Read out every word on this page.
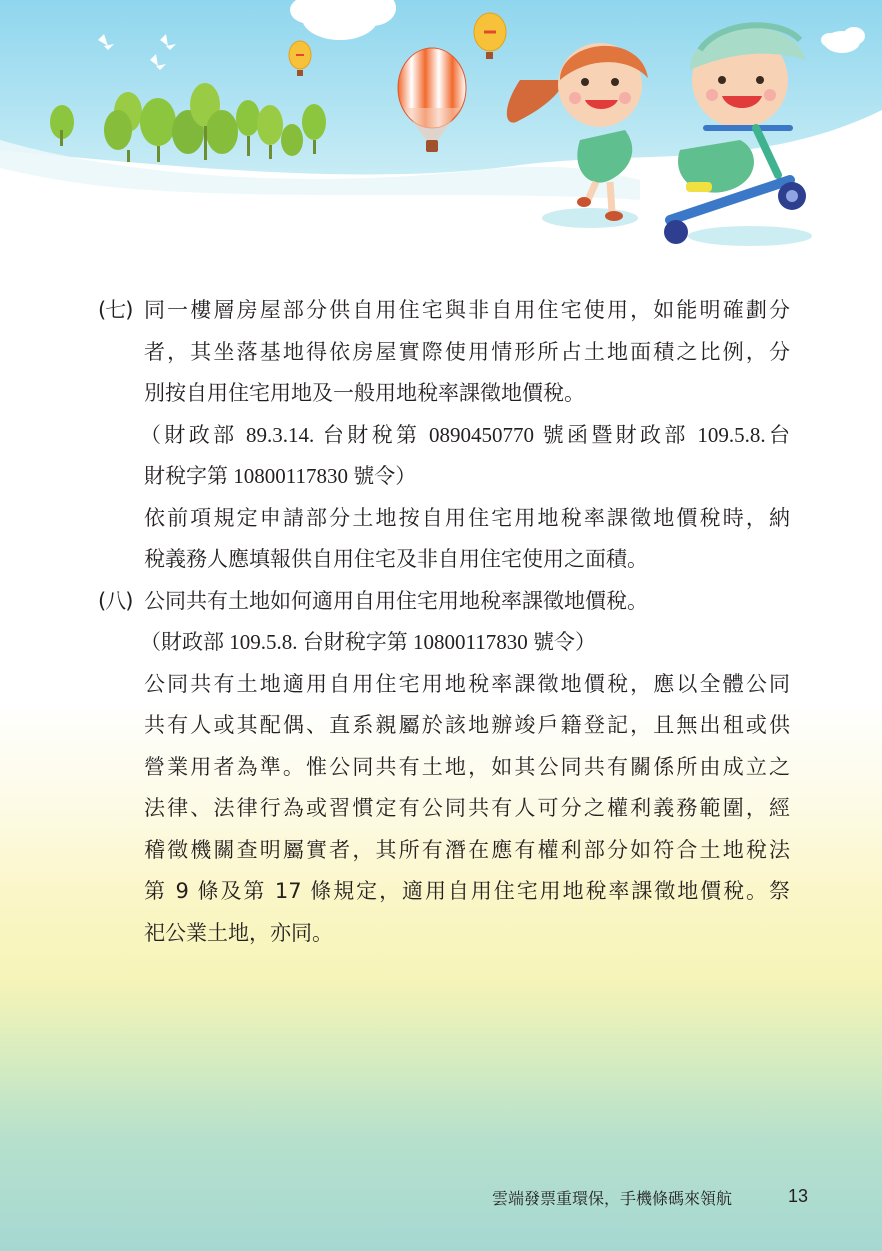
(七) 同一樓層房屋部分供自用住宅與非自用住宅使用，如能明確劃分
者，其坐落基地得依房屋實際使用情形所占土地面積之比例，分
別按自用住宅用地及一般用地稅率課徵地價稅。
（財政部 89.3.14. 台財稅第 0890450770 號函暨財政部 109.5.8.台
財稅字第 10800117830 號令）
依前項規定申請部分土地按自用住宅用地稅率課徵地價稅時，納
稅義務人應填報供自用住宅及非自用住宅使用之面積。
(八) 公同共有土地如何適用自用住宅用地稅率課徵地價稅。
（財政部 109.5.8. 台財稅字第 10800117830 號令）
公同共有土地適用自用住宅用地稅率課徵地價稅，應以全體公同
共有人或其配偶、直系親屬於該地辦竣戶籍登記，且無出租或供
營業用者為準。惟公同共有土地，如其公同共有關係所由成立之
法律、法律行為或習慣定有公同共有人可分之權利義務範圍，經
稽徵機關查明屬實者，其所有潛在應有權利部分如符合土地稅法
第 9 條及第 17 條規定，適用自用住宅用地稅率課徵地價稅。祭
祀公業土地，亦同。
雲端發票重環保，手機條碼來領航	13
